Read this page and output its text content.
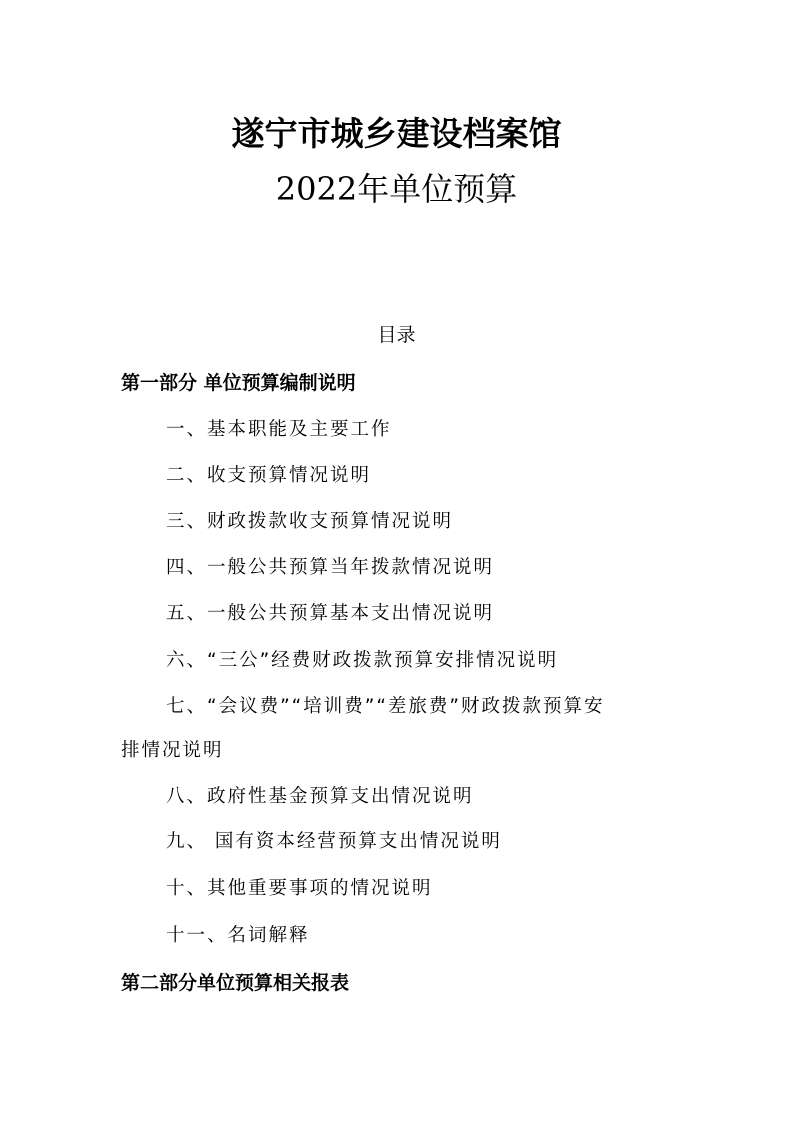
遂宁市城乡建设档案馆
2022年单位预算
目录
第一部分 单位预算编制说明
一、基本职能及主要工作
二、收支预算情况说明
三、财政拨款收支预算情况说明
四、一般公共预算当年拨款情况说明
五、一般公共预算基本支出情况说明
六、“三公”经费财政拨款预算安排情况说明
七、“会议费”“培训费”“差旅费”财政拨款预算安
排情况说明
八、政府性基金预算支出情况说明
九、 国有资本经营预算支出情况说明
十、其他重要事项的情况说明
十一、名词解释
第二部分单位预算相关报表
